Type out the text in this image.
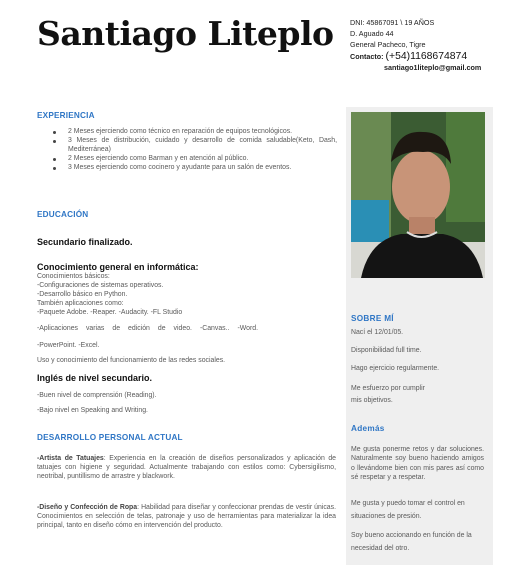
Santiago Liteplo DNI: 45867091 \ 19 AÑOS
D. Aguado 44
General Pacheco, Tigre
Contacto: (+54)1168674874
santiago1liteplo@gmail.com
EXPERIENCIA
2 Meses ejerciendo como técnico en reparación de equipos tecnológicos.
3 Meses de distribución, cuidado y desarrollo de comida saludable(Keto, Dash, Mediterránea)
2 Meses ejerciendo como Barman y en atención al público.
3 Meses ejerciendo como cocinero y ayudante para un salón de eventos.
EDUCACIÓN
Secundario finalizado.
Conocimiento general en informática:
Conocimientos básicos:
-Configuraciones de sistemas operativos.
-Desarrollo básico en Python.
También aplicaciones como:
-Paquete Adobe. -Reaper. -Audacity. -FL Studio
-Aplicaciones varias de edición de video. -Canvas.. -Word.
-PowerPoint. -Excel.
Uso y conocimiento del funcionamiento de las redes sociales.
Inglés de nivel secundario.
-Buen nivel de comprensión (Reading).
-Bajo nivel en Speaking and Writing.
DESARROLLO PERSONAL ACTUAL
-Artista de Tatuajes: Experiencia en la creación de diseños personalizados y aplicación de tatuajes con higiene y seguridad. Actualmente trabajando con estilos como: Cybersigilismo, neotribal, puntillismo de arrastre y blackwork.
-Diseño y Confección de Ropa: Habilidad para diseñar y confeccionar prendas de vestir únicas. Conocimientos en selección de telas, patronaje y uso de herramientas para materializar la idea principal, tanto en diseño cómo en intervención del producto.
SOBRE MÍ
Nací el 12/01/05.
Disponibilidad full time.
Hago ejercicio regularmente.
Me esfuerzo por cumplir mis objetivos.
Además
Me gusta ponerme retos y dar soluciones. Naturalmente soy bueno haciendo amigos o llevándome bien con mis pares así como sé respetar y a respetar.
Me gusta y puedo tomar el control en situaciones de presión.
Soy bueno accionando en función de la necesidad del otro.
